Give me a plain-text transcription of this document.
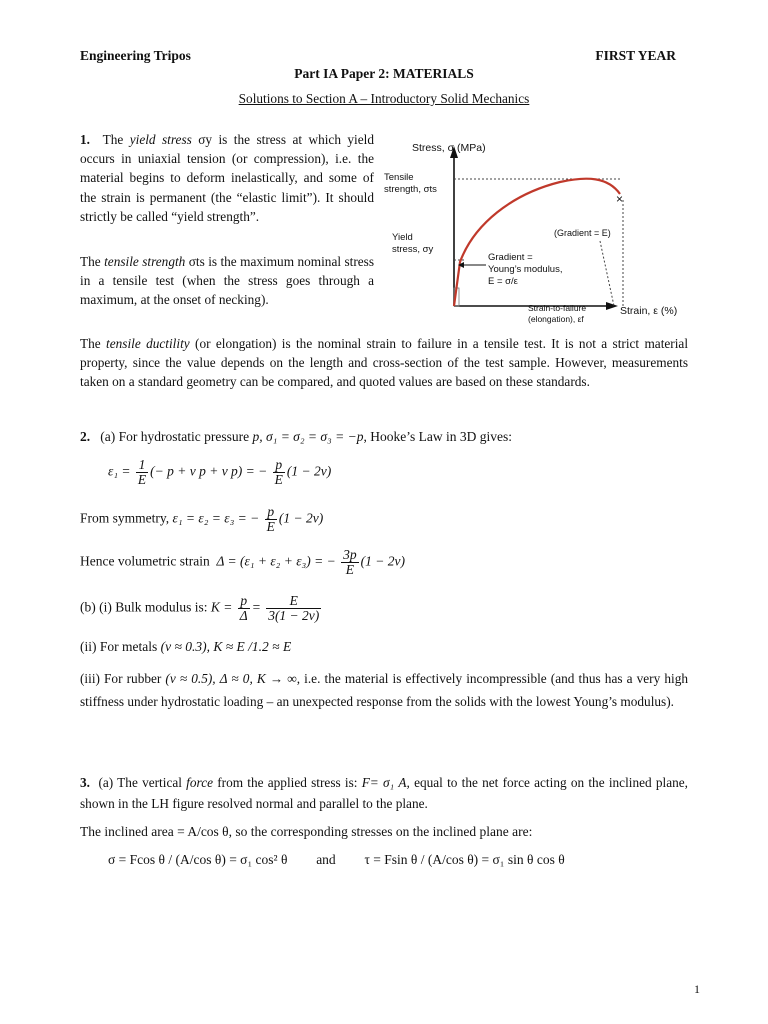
Engineering Tripos	FIRST YEAR
Part IA Paper 2: MATERIALS
Solutions to Section A – Introductory Solid Mechanics
1. The yield stress σy is the stress at which yield occurs in uniaxial tension (or compression), i.e. the material begins to deform inelastically, and some of the strain is permanent (the “elastic limit”). It should strictly be called “yield strength”.
The tensile strength σts is the maximum nominal stress in a tensile test (when the stress goes through a maximum, at the onset of necking).
×
Stress, σ (MPa)
Strain, ε (%)
Tensile
strength, σts
Yield
stress, σy
(Gradient = E)
Gradient =
Young’s modulus,
E = σ/ε
Strain-to-failure
(elongation), εf
The tensile ductility (or elongation) is the nominal strain to failure in a tensile test. It is not a strict material property, since the value depends on the length and cross-section of the test sample. However, measurements taken on a standard geometry can be compared, and quoted values are based on these standards.
2. (a) For hydrostatic pressure p, σ₁ = σ₂ = σ₃ = −p, Hooke’s Law in 3D gives:
$\varepsilon_1 = \frac{1}{E}$ (− p + ν p + ν p) = − $\frac{p}{E} (1 - 2\nu)$
From symmetry, ε₁ = ε₂ = ε₃ = − $\frac{p}{E} (1 - 2\nu)$
Hence volumetric strain  Δ = (ε₁ + ε₂ + ε₃) = − $\frac{3p}{E} (1 - 2\nu)$
(b) (i) Bulk modulus is: $K = \frac{p}{\Delta} = \frac{E}{3(1 - 2\nu)}$
(ii) For metals (ν ≈ 0.3), K ≈ E /1.2 ≈ E
(iii) For rubber (ν ≈ 0.5), Δ ≈ 0, K → ∞, i.e. the material is effectively incompressible (and thus has a very high stiffness under hydrostatic loading – an unexpected response from the solids with the lowest Young’s modulus).
3. (a) The vertical force from the applied stress is: F= σ₁ A, equal to the net force acting on the inclined plane, shown in the LH figure resolved normal and parallel to the plane.
The inclined area = A/cos θ, so the corresponding stresses on the inclined plane are:
σ = Fcos θ / (A/cos θ) = σ₁ cos² θ and τ = Fsin θ / (A/cos θ) = σ₁ sin θ cos θ
1
